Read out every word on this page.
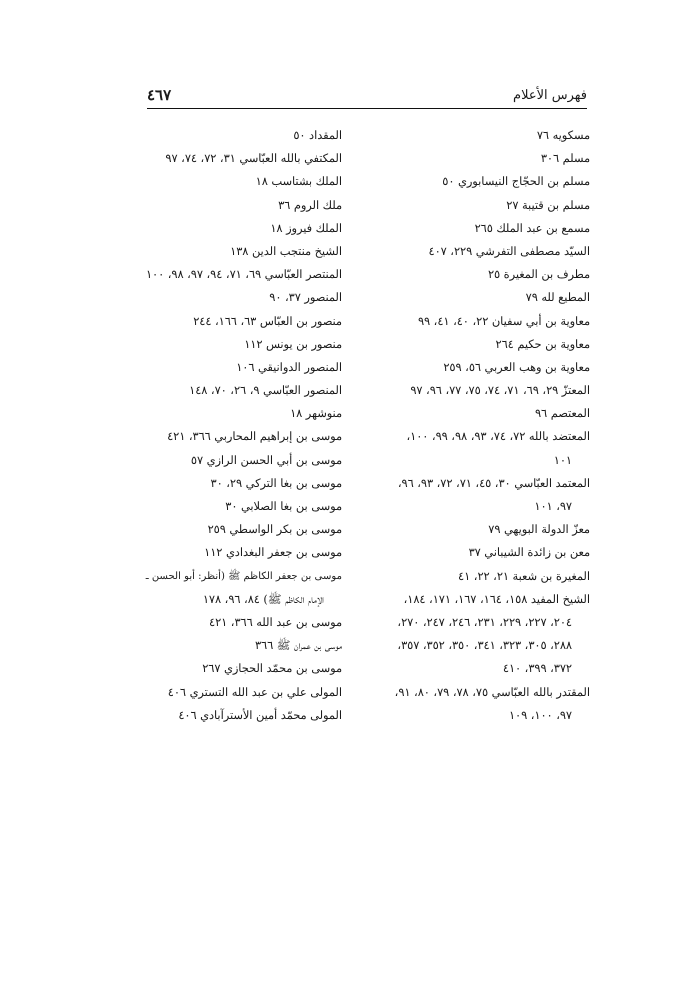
فهرس الأعلام
٤٦٧
مسكويه ٧٦
مسلم ٣٠٦
مسلم بن الحجّاج النيسابوري ٥٠
مسلم بن قتيبة ٢٧
مسمع بن عبد الملك ٢٦٥
السيّد مصطفى التفرشي ٢٢٩، ٤٠٧
مطرف بن المغيرة ٢٥
المطيع لله ٧٩
معاوية بن أبي سفيان ٢٢، ٤٠، ٤١، ٩٩
معاوية بن حكيم ٢٦٤
معاوية بن وهب العربي ٥٦، ٢٥٩
المعتزّ ٢٩، ٦٩، ٧١، ٧٤، ٧٥، ٧٧، ٩٦، ٩٧
المعتصم ٩٦
المعتضد بالله ٧٢، ٧٤، ٩٣، ٩٨، ٩٩، ١٠٠،
١٠١
المعتمد العبّاسي ٣٠، ٤٥، ٧١، ٧٢، ٩٣، ٩٦،
٩٧، ١٠١
معزّ الدولة البويهي ٧٩
معن بن زائدة الشيباني ٣٧
المغيرة بن شعبة ٢١، ٢٢، ٤١
الشيخ المفيد ١٥٨، ١٦٤، ١٦٧، ١٧١، ١٨٤،
٢٠٤، ٢٢٧، ٢٢٩، ٢٣١، ٢٤٦، ٢٤٧، ٢٧٠،
٢٨٨، ٣٠٥، ٣٢٣، ٣٤١، ٣٥٠، ٣٥٢، ٣٥٧،
٣٧٢، ٣٩٩، ٤١٠
المقتدر بالله العبّاسي ٧٥، ٧٨، ٧٩، ٨٠، ٩١،
٩٧، ١٠٠، ١٠٩
المقداد ٥٠
المكتفي بالله العبّاسي ٣١، ٧٢، ٧٤، ٩٧
الملك بشتاسب ١٨
ملك الروم ٣٦
الملك فيروز ١٨
الشيخ منتجب الدين ١٣٨
المنتصر العبّاسي ٦٩، ٧١، ٩٤، ٩٧، ٩٨، ١٠٠
المنصور ٣٧، ٩٠
منصور بن العبّاس ٦٣، ١٦٦، ٢٤٤
منصور بن يونس ١١٢
المنصور الدوانيقي ١٠٦
المنصور العبّاسي ٩، ٢٦، ٧٠، ١٤٨
منوشهر ١٨
موسى بن إبراهيم المحاربي ٣٦٦، ٤٢١
موسى بن أبي الحسن الرازي ٥٧
موسى بن بغا التركي ٢٩، ٣٠
موسى بن بغا الصلابي ٣٠
موسى بن بكر الواسطي ٢٥٩
موسى بن جعفر البغدادي ١١٢
موسى بن جعفر الكاظم ﷺ (أنظر: أبو الحسن ـ
الإمام الكاظم ﷺ) ٨٤، ٩٦، ١٧٨
موسى بن عبد الله ٣٦٦، ٤٢١
موسى بن عمران ﷺ ٣٦٦
موسى بن محمّد الحجازي ٢٦٧
المولى علي بن عبد الله التستري ٤٠٦
المولى محمّد أمين الأسترآبادي ٤٠٦
